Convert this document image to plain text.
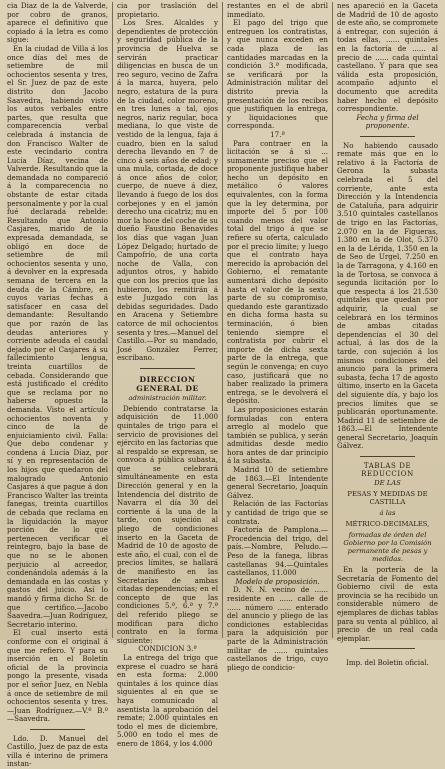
cia Diaz de la de Valverde, por cobro de granos, aparece el definitivo que copiado á la letra es como sigue:

En la ciudad de Villa á los once días del mes de setiembre de mil ochocientos sesenta y tres, el Sr. Juez de paz de este distrito don Jacobo Saavedra, habiendo visto los autos verbales entre partes, que resulta que comparecencia verbal celebrada á instancia de don Francisco Walter de este vecindario contra Lucía Díaz, vecina de Valverde. Resultando que la demandada no compareció á la comparecencia no obstante de estar citada personalmente y por la cual fué declarada rebelde: Resultando que Antonio Casjares, marido de la expresada demandada, se obligó en doce de setiembre de mil ochocientos sesenta y uno, á devolver en la expresada semana de tercera en la deuda de la Cámbre, en cuyos varias fechas á satisfacer en casa del demandante: Resultando que por razón de las deudas anteriores y corriente adeuda el caudal dejado por el Casjares á su fallecimiento lengua, treinta cuartillos de cebada. Considerando que está justificado el crédito que se reclama por no haberse opuesto la demanda. Visto el artículo ochocientos noventa y cinco de la de enjuiciamiento civil. Falla: Que debo condenar y condena á Lucía Díaz, por sí y en representación de los hijos que quedaron del malogrado Antonio Casjares á que pague á don Francisco Walter las treinta fanegas, treinta cuartillos de cebada que reclama en la liquidación la mayor porción de lo que pertenecen verificar el reintegro, bajo la base de que no se le abonen perjuicio al acreedor, condenándola además á la demandada en las costas y gastos del juicio. Así lo mandó y firma dicho Sr. de que certifico.—Jacobo Saavedra.—Juan Rodríguez, Secretario interino.

El cual inserto está conforme con el original á que me refiero. Y para su inserción en el Boletín oficial de la provincia pongo la presente, visada por el señor Juez, en Nebla á once de setiembre de mil ochocientos sesenta y tres.—Juan Rodríguez.—V.º B.º—Saavedra.

Ldo. D. Manuel del Castillo, Juez de paz de esta villa é interino de primera instan-

cia por traslación del propietario.

Los Sres. Alcaldes y dependientes de protección y seguridad pública de la provincia de Huelva se servirán practicar diligencias en busca de un reo seguro, vecino de Zafra á la marca, huyera, pelo negro, estatura de la pura de la ciudad, color moreno, en tres lunes a tal, ojos negros, nariz regular, boca mediana, lo que viste de vestido de la lengua, faja á cuadro, bien en la salud derecha llevando en 7 de cinco á seis años de edad; y una mula, cortada, de doce á once años de color, cuerpo, de nueve á diez, llevando á fuego de los dos corbejones y en el jamón derecho una cicatriz; mu en mor la hoce del coche de su dueño Faustino Benavides los días que vagan Juan López Delgado; hurtado de Campofrío, de una corta noche de Valla, con adjuntos otros, y habido que con los precios que las hubieron, los remitirán á este Juzgado con las debidas seguridades. Dado en Aracena y Setiembre catorce de mil ochocientos sesenta y tres.—Manuel del Castillo.—Por su mandado, José González Ferrer, escribano.

DIRECCION GENERAL DE
administración militar.

Debiendo contratarse la adquisición de 11.000 quintales de trigo para el servicio de provisiones del ejército en las factorías que al respaldo se expresan, se convoca á pública subasta, que se celebrará simultáneamente en esta Dirección general y en la Intendencia del distrito de Navarra el día 30 del corriente á la una de la tarde, con sujeción al pliego de condiciones inserto en la Gaceta de Madrid de 10 de agosto de este año, el cual, con el de precios límites, se hallará de manifiesto en las Secretarías de ambas citadas dependencias; en el concepto de que las condiciones 5.ª, 6.ª y 7.ª del referido pliego se modifican para dicho contrato en la forma siguiente:

CONDICION 3.ª

La entrega del trigo que exprese el cuadro se hará en esta forma: 2.000 quintales á los quince días siguientes al en que se haya comunicado al asentista la aprobación del remate; 2.000 quintales en todo el mes de diciembre, 5.000 en todo el mes de enero de 1864, y los 4.000

restantes en el de abril inmediato.

El pago del trigo que entreguen los contratistas, y que nunca exceden en cada plaza de las cantidades marcadas en la condición 3.ª modificada, se verificará por la Administración militar del distrito previa la presentación de los recibos que justifiquen la entrega, y liquidaciones que corresponda.

17.ª

Para contraer en la licitación se á si ... sumamente preciso que el proponente justifique haber hecho un depósito en metálico ó valores equivalentes, con la forma que la ley determina, por importe del 5 por 100 cuando menos del valor total del trigo á que se refiere su oferta, calculado por el precio límite; y luego que el contrato haya merecido la aprobación del Gobierno, el rematante aumentará dicho depósito hasta el valor de la sexta parte de su compromiso, quedando este garantizado en dicha forma hasta su terminación, ó bien teniendo siempre el contratista por cubrir el importe de dicha sexta parte de la entrega, que según le convenga; en cuyo caso, justificará que no haber realizado la primera entrega, se le devolverá el depósito.

Las proposiciones estarán formuladas con entera arreglo al modelo que también se publica, y serán admitidas desde medio hora antes de dar principio á la subasta.

Madrid 10 de setiembre de 1863.—El Intendente general Secretario, Joaquín Gálvez.

Relación de las Factorías y cantidad de trigo que se contrata.

Factoría de Pamplona.—Procedencia del trigo, del país.—Nombre, Peludo.—Peso de la fanega, libras castellanas 94.—Quintales castellanos, 11.000

Modelo de proposición.

D. N. N. vecino de ...... residente en ...... calle de ...... número ...... enterado del anuncio y pliego de las condiciones establecidas para la adquisición por parte de la Administración militar de ...... quintales castellanos de trigo, cuyo pliego de condicio-

nes apareció en la Gaceta de Madrid de 10 de agosto de este año, se compromete á entregar, con sujeción á todas ellas, ...... quintales en la factoría de ...... al precio de ...... cada quintal castellano. Y para que sea válida esta proposición, acompaño adjunto el documento que acredita haber hecho el depósito correspondiente.

Fecha y firma del proponente.

No habiendo causado remate más que en lo relativo á la Factoría de Gerona la subasta celebrada el 5 del corriente, ante esta Dirección y la Intendencia de Cataluña, para adquirir 3.510 quintales castellanos de trigo en las Factorías, 2.070 en la de Figueras, 1.380 en la de Olot, 5.370 en la de Lérida, 1.350 en la de Seo de Urgel, 7.250 en la de Tarragona, y 4.160 en la de Tortosa, se convoca á segunda licitación por lo que respecta á los 21.530 quintales que quedan por adquirir, la cual se celebrará en los términos de ambas citadas dependencias el 30 del actual, á las dos de la tarde, con sujeción á los mismos condiciones del anuncio para la primera subasta, fecha 17 de agosto último, inserto en la Gaceta del siguiente día, y bajo los precios límites que se publicarán oportunamente. Madrid 11 de setiembre de 1863.—El Intendente general Secretario, Joaquín Gálvez.

TABLAS DE REDUCCION
DE LAS
PESAS Y MEDIDAS DE CASTILLA
á las
MÉTRICO-DECIMALES,
formadas de órden del Gobierno por la Comisión permanente de pesas y medidas.

En la portería de la Secretaría de Fomento del Gobierno civil de esta provincia se ha recibido un considerable número de ejemplares de dichas tablas para su venta al público, al precio de un real cada ejemplar.

Imp. del Boletin oficial.
